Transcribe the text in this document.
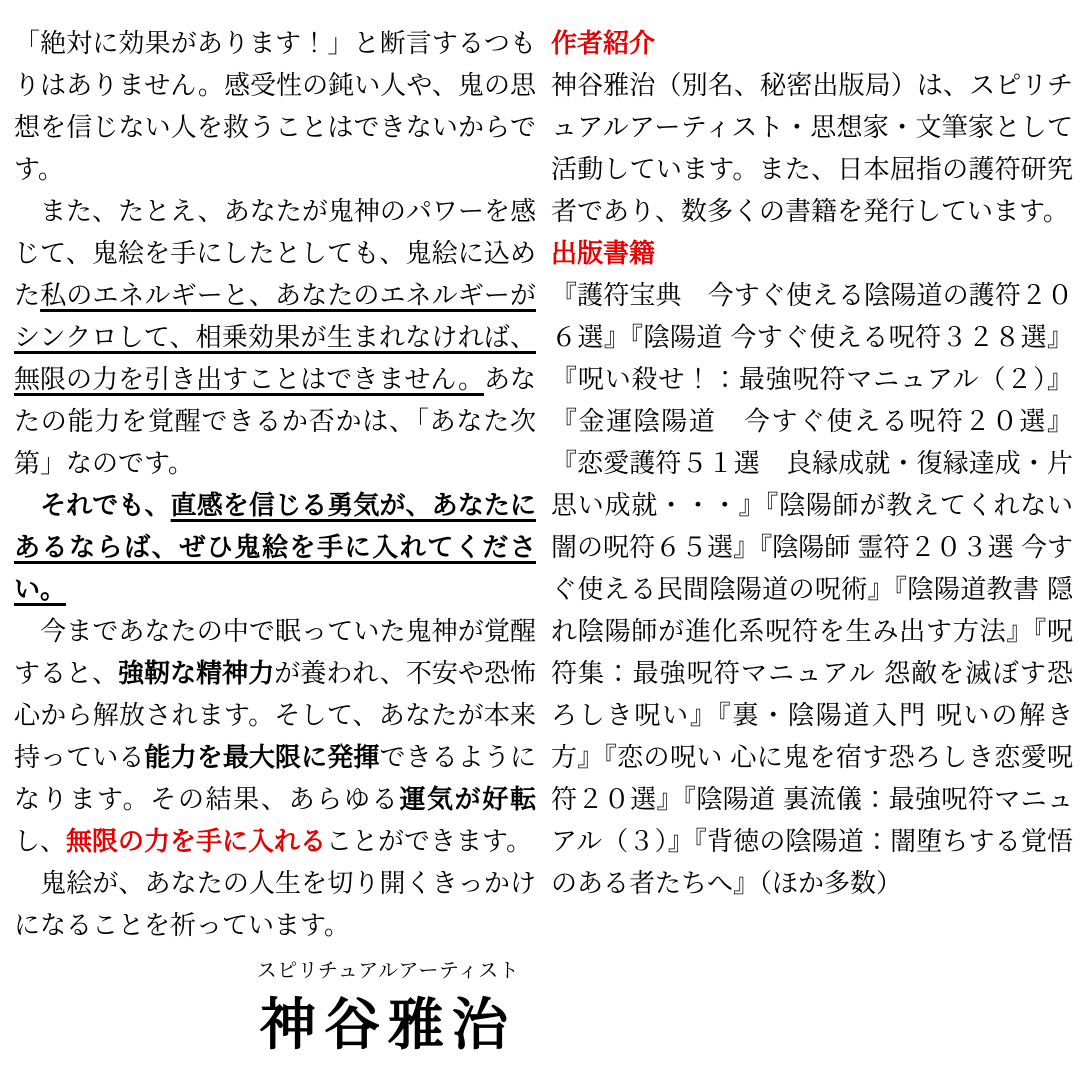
「絶対に効果があります！」と断言するつもりはありません。感受性の鈍い人や、鬼の思想を信じない人を救うことはできないからです。

　また、たとえ、あなたが鬼神のパワーを感じて、鬼絵を手にしたとしても、鬼絵に込めた私のエネルギーと、あなたのエネルギーがシンクロして、相乗効果が生まれなければ、無限の力を引き出すことはできません。あなたの能力を覚醒できるか否かは、「あなた次第」なのです。

　それでも、直感を信じる勇気が、あなたにあるならば、ぜひ鬼絵を手に入れてください。

　今まであなたの中で眠っていた鬼神が覚醒すると、強靭な精神力が養われ、不安や恐怖心から解放されます。そして、あなたが本来持っている能力を最大限に発揮できるようになります。その結果、あらゆる運気が好転し、無限の力を手に入れることができます。

　鬼絵が、あなたの人生を切り開くきっかけになることを祈っています。

スピリチュアルアーティスト
神谷雅治

作者紹介

神谷雅治（別名、秘密出版局）は、スピリチュアルアーティスト・思想家・文筆家として活動しています。また、日本屈指の護符研究者であり、数多くの書籍を発行しています。

出版書籍

『護符宝典　今すぐ使える陰陽道の護符２０６選』『陰陽道 今すぐ使える呪符３２８選』『呪い殺せ！：最強呪符マニュアル（２）』『金運陰陽道　今すぐ使える呪符２０選』『恋愛護符５１選　良縁成就・復縁達成・片思い成就・・・』『陰陽師が教えてくれない闇の呪符６５選』『陰陽師 霊符２０３選 今すぐ使える民間陰陽道の呪術』『陰陽道教書 隠れ陰陽師が進化系呪符を生み出す方法』『呪符集：最強呪符マニュアル 怨敵を滅ぼす恐ろしき呪い』『裏・陰陽道入門 呪いの解き方』『恋の呪い 心に鬼を宿す恐ろしき恋愛呪符２０選』『陰陽道 裏流儀：最強呪符マニュアル（３）』『背徳の陰陽道：闇堕ちする覚悟のある者たちへ』（ほか多数）
